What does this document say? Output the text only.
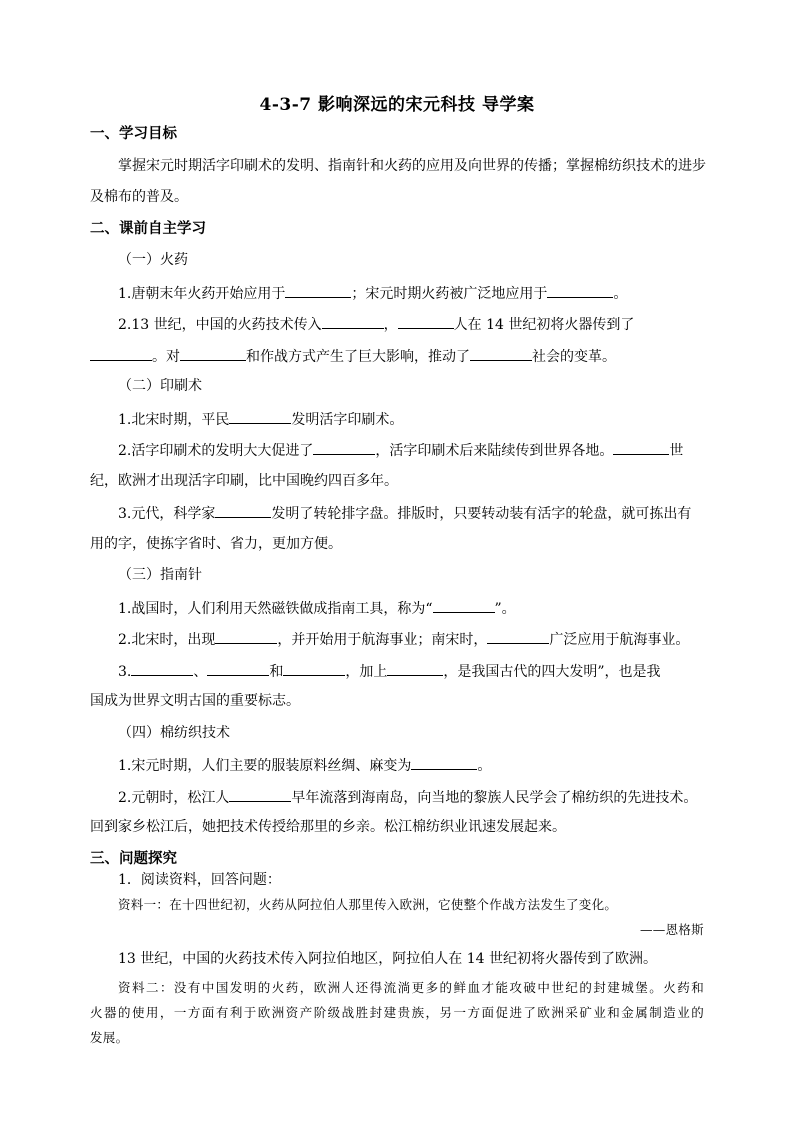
4-3-7 影响深远的宋元科技 导学案
一、学习目标
掌握宋元时期活字印刷术的发明、指南针和火药的应用及向世界的传播；掌握棉纺织技术的进步
及棉布的普及。
二、课前自主学习
（一）火药
1.唐朝末年火药开始应用于	；宋元时期火药被广泛地应用于	。
2.13 世纪，中国的火药技术传入	，	人在 14 世纪初将火器传到了
。对	和作战方式产生了巨大影响，推动了	社会的变革。
（二）印刷术
1.北宋时期，平民	发明活字印刷术。
2.活字印刷术的发明大大促进了	，活字印刷术后来陆续传到世界各地。	世
纪，欧洲才出现活字印刷，比中国晚约四百多年。
3.元代，科学家	发明了转轮排字盘。排版时，只要转动装有活字的轮盘，就可拣出有
用的字，使拣字省时、省力，更加方便。
（三）指南针
1.战国时，人们利用天然磁铁做成指南工具，称为“	”。
2.北宋时，出现	，并开始用于航海事业；南宋时，	广泛应用于航海事业。
3.	、	和	，加上	，是我国古代的四大发明”，也是我
国成为世界文明古国的重要标志。
（四）棉纺织技术
1.宋元时期，人们主要的服装原料丝绸、麻变为	。
2.元朝时，松江人	早年流落到海南岛，向当地的黎族人民学会了棉纺织的先进技术。
回到家乡松江后，她把技术传授给那里的乡亲。松江棉纺织业讯速发展起来。
三、问题探究
1．阅读资料，回答问题：
资料一：在十四世纪初，火药从阿拉伯人那里传入欧洲，它使整个作战方法发生了变化。
——恩格斯
13 世纪，中国的火药技术传入阿拉伯地区，阿拉伯人在 14 世纪初将火器传到了欧洲。
资料二：没有中国发明的火药，欧洲人还得流淌更多的鲜血才能攻破中世纪的封建城堡。火药和
火器的使用，一方面有利于欧洲资产阶级战胜封建贵族，另一方面促进了欧洲采矿业和金属制造业的
发展。
